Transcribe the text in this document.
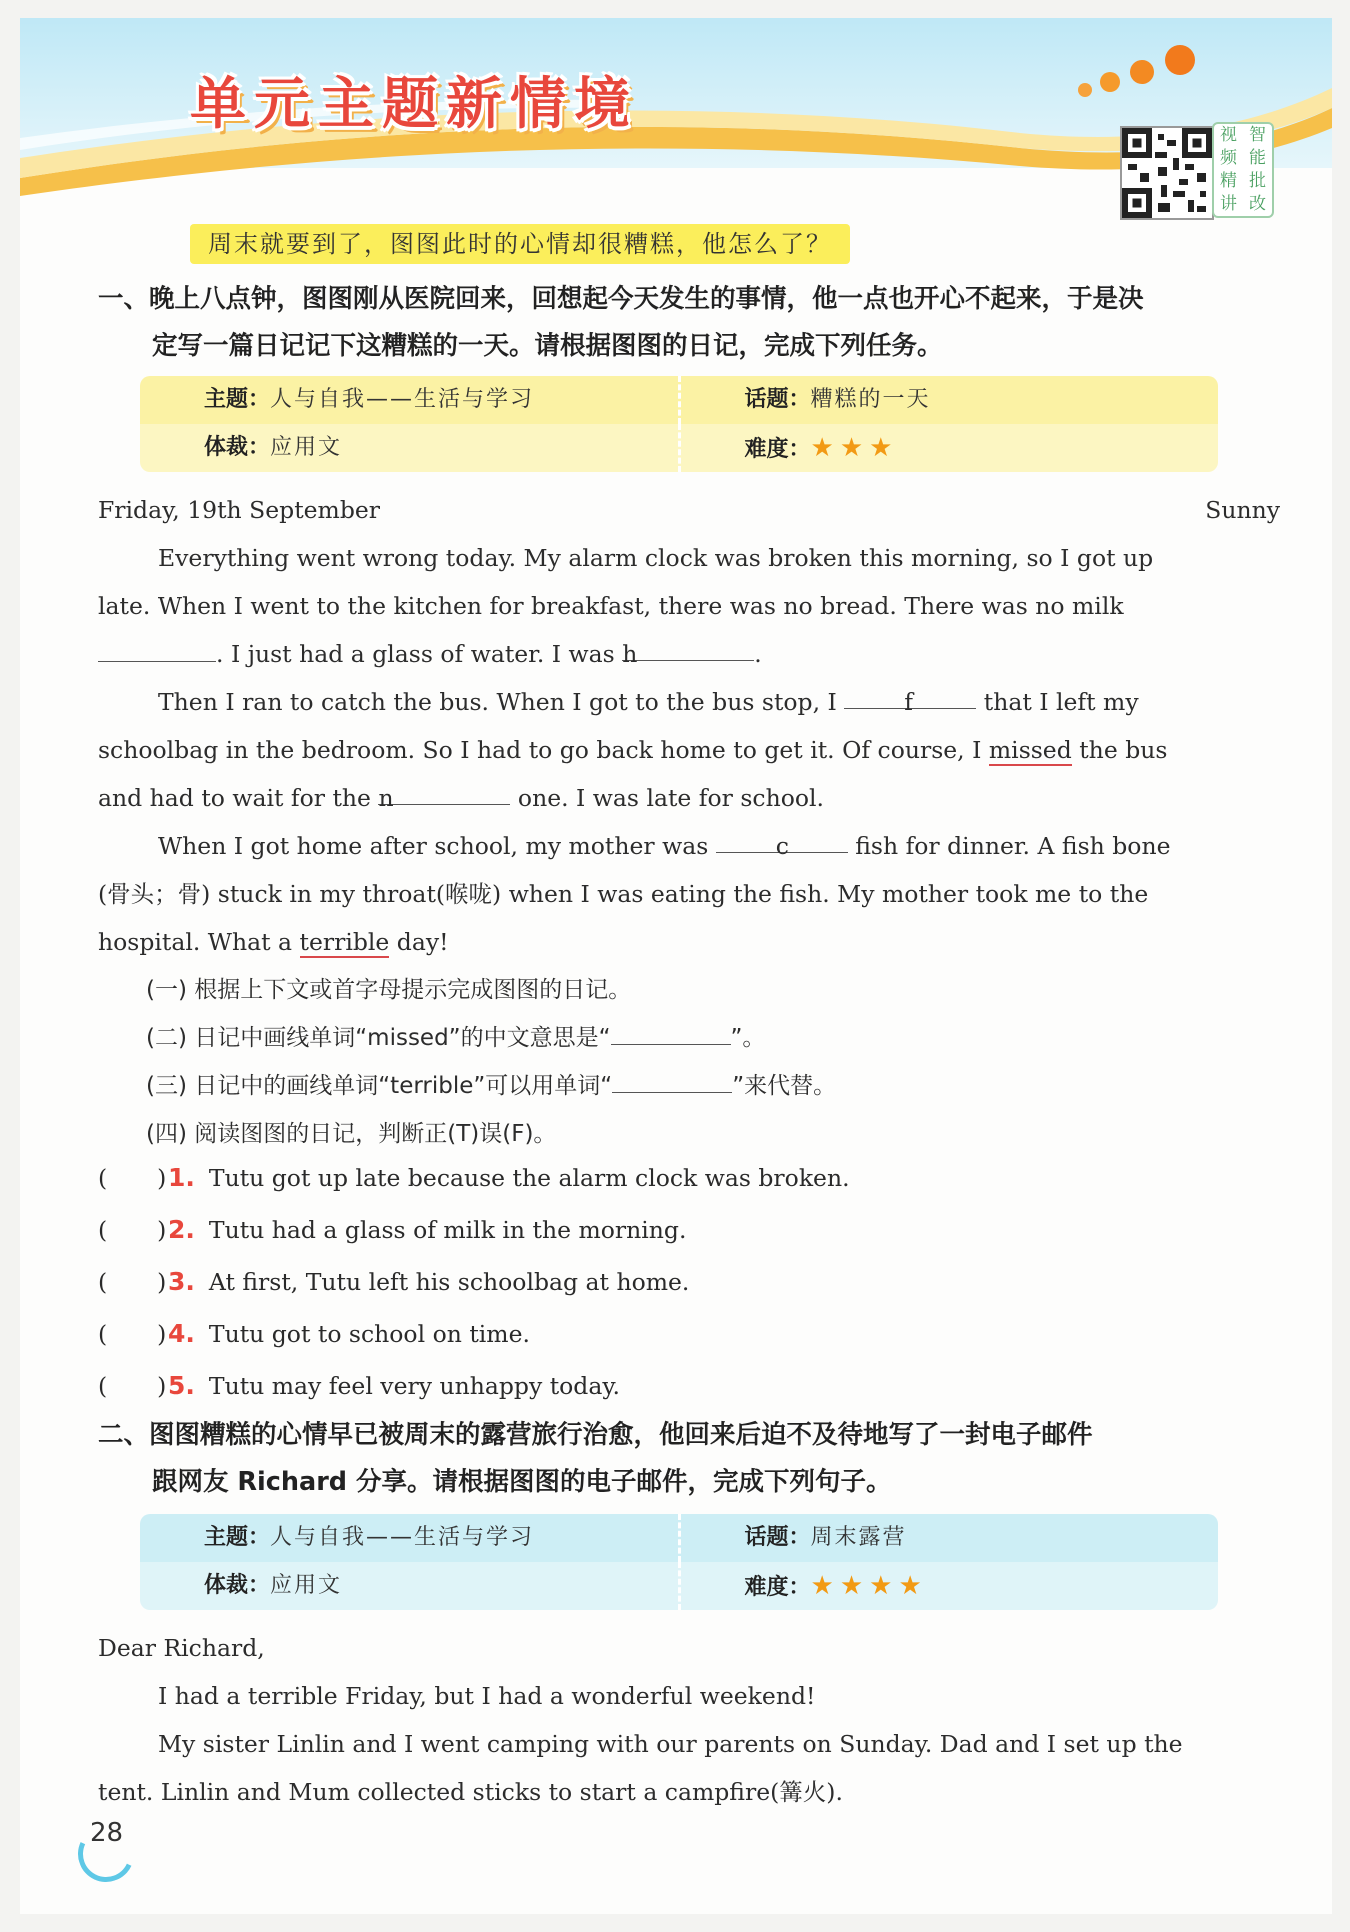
单元主题新情境	视 智
频 能
精 批
讲 改
周末就要到了，图图此时的心情却很糟糕，他怎么了？
一、晚上八点钟，图图刚从医院回来，回想起今天发生的事情，他一点也开心不起来，于是决
定写一篇日记记下这糟糕的一天。请根据图图的日记，完成下列任务。
主题：人与自我——生活与学习	话题：糟糕的一天
体裁：应用文	难度：★★★
Friday, 19th September	Sunny
Everything went wrong today. My alarm clock was broken this morning, so I got up
late. When I went to the kitchen for breakfast, there was no bread. There was no milk
. I just had a glass of water. I was h	.
Then I ran to catch the bus. When I got to the bus stop, I	f	that I left my
schoolbag in the bedroom. So I had to go back home to get it. Of course, I missed the bus
and had to wait for the n	one. I was late for school.
When I got home after school, my mother was	c	fish for dinner. A fish bone
(骨头；骨) stuck in my throat(喉咙) when I was eating the fish. My mother took me to the
hospital. What a terrible day!
(一) 根据上下文或首字母提示完成图图的日记。
(二) 日记中画线单词“missed”的中文意思是“	”。
(三) 日记中的画线单词“terrible”可以用单词“	”来代替。
(四) 阅读图图的日记，判断正(T)误(F)。
( )1. Tutu got up late because the alarm clock was broken.
( )2. Tutu had a glass of milk in the morning.
( )3. At first, Tutu left his schoolbag at home.
( )4. Tutu got to school on time.
( )5. Tutu may feel very unhappy today.
二、图图糟糕的心情早已被周末的露营旅行治愈，他回来后迫不及待地写了一封电子邮件
跟网友 Richard 分享。请根据图图的电子邮件，完成下列句子。
主题：人与自我——生活与学习	话题：周末露营
体裁：应用文	难度：★★★★
Dear Richard,
I had a terrible Friday, but I had a wonderful weekend!
My sister Linlin and I went camping with our parents on Sunday. Dad and I set up the
tent. Linlin and Mum collected sticks to start a campfire(篝火).
28
